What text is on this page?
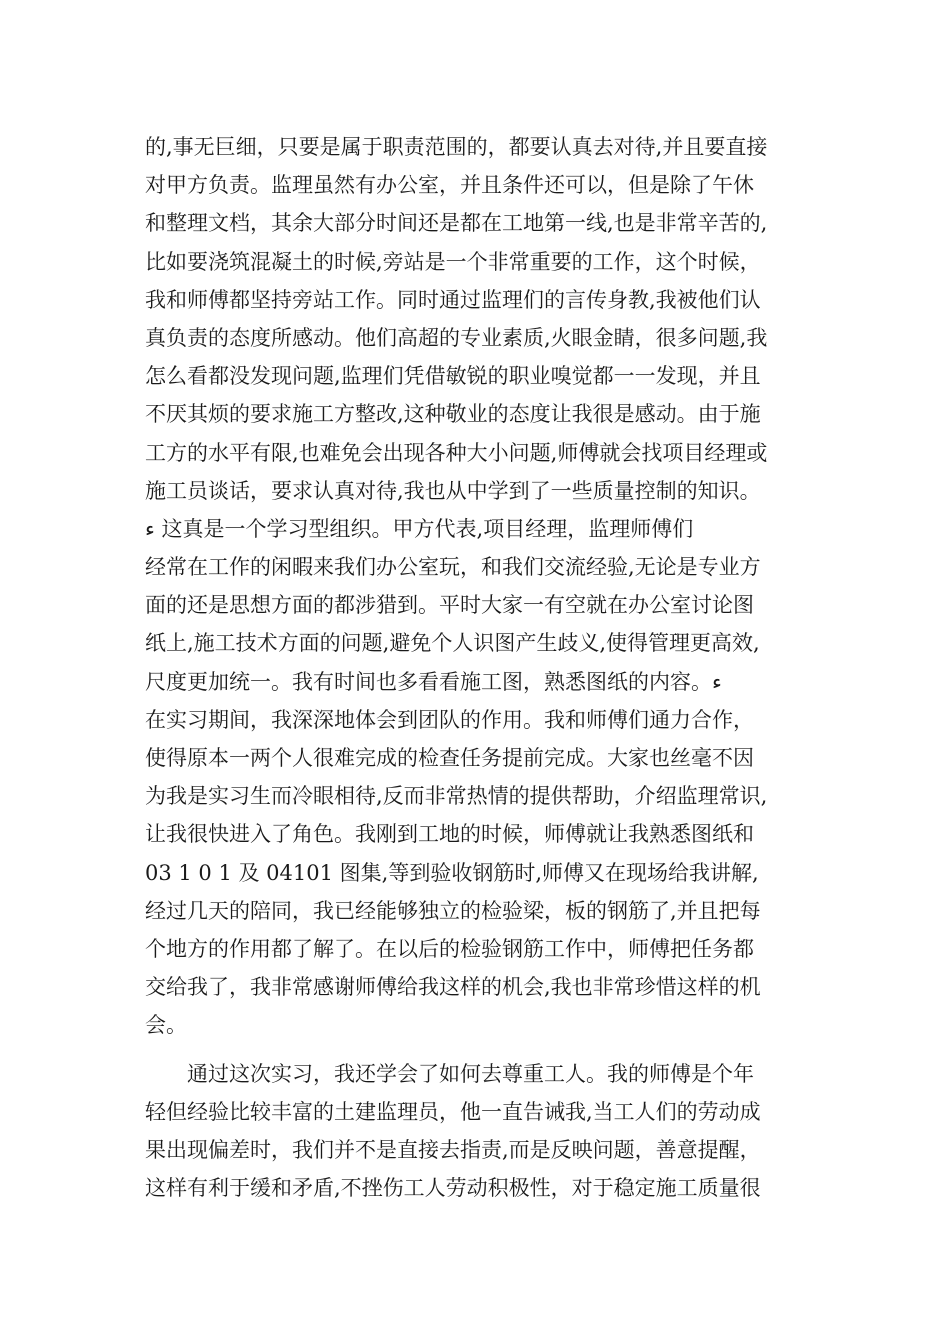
的,事无巨细，只要是属于职责范围的，都要认真去对待,并且要直接
对甲方负责。监理虽然有办公室，并且条件还可以，但是除了午休
和整理文档，其余大部分时间还是都在工地第一线,也是非常辛苦的,
比如要浇筑混凝土的时候,旁站是一个非常重要的工作，这个时候，
我和师傅都坚持旁站工作。同时通过监理们的言传身教,我被他们认
真负责的态度所感动。他们高超的专业素质,火眼金睛，很多问题,我
怎么看都没发现问题,监理们凭借敏锐的职业嗅觉都一一发现，并且
不厌其烦的要求施工方整改,这种敬业的态度让我很是感动。由于施
工方的水平有限,也难免会出现各种大小问题,师傅就会找项目经理或
施工员谈话，要求认真对待,我也从中学到了一些质量控制的知识。
ء 这真是一个学习型组织。甲方代表,项目经理，监理师傅们
经常在工作的闲暇来我们办公室玩，和我们交流经验,无论是专业方
面的还是思想方面的都涉猎到。平时大家一有空就在办公室讨论图
纸上,施工技术方面的问题,避免个人识图产生歧义,使得管理更高效,
尺度更加统一。我有时间也多看看施工图，熟悉图纸的内容。ء
在实习期间，我深深地体会到团队的作用。我和师傅们通力合作，
使得原本一两个人很难完成的检查任务提前完成。大家也丝毫不因
为我是实习生而冷眼相待,反而非常热情的提供帮助，介绍监理常识,
让我很快进入了角色。我刚到工地的时候，师傅就让我熟悉图纸和
03 1 0 1 及 04101 图集,等到验收钢筋时,师傅又在现场给我讲解,
经过几天的陪同，我已经能够独立的检验梁，板的钢筋了,并且把每
个地方的作用都了解了。在以后的检验钢筋工作中，师傅把任务都
交给我了，我非常感谢师傅给我这样的机会,我也非常珍惜这样的机
会。
　　通过这次实习，我还学会了如何去尊重工人。我的师傅是个年
轻但经验比较丰富的土建监理员，他一直告诫我,当工人们的劳动成
果出现偏差时，我们并不是直接去指责,而是反映问题，善意提醒，
这样有利于缓和矛盾,不挫伤工人劳动积极性，对于稳定施工质量很
